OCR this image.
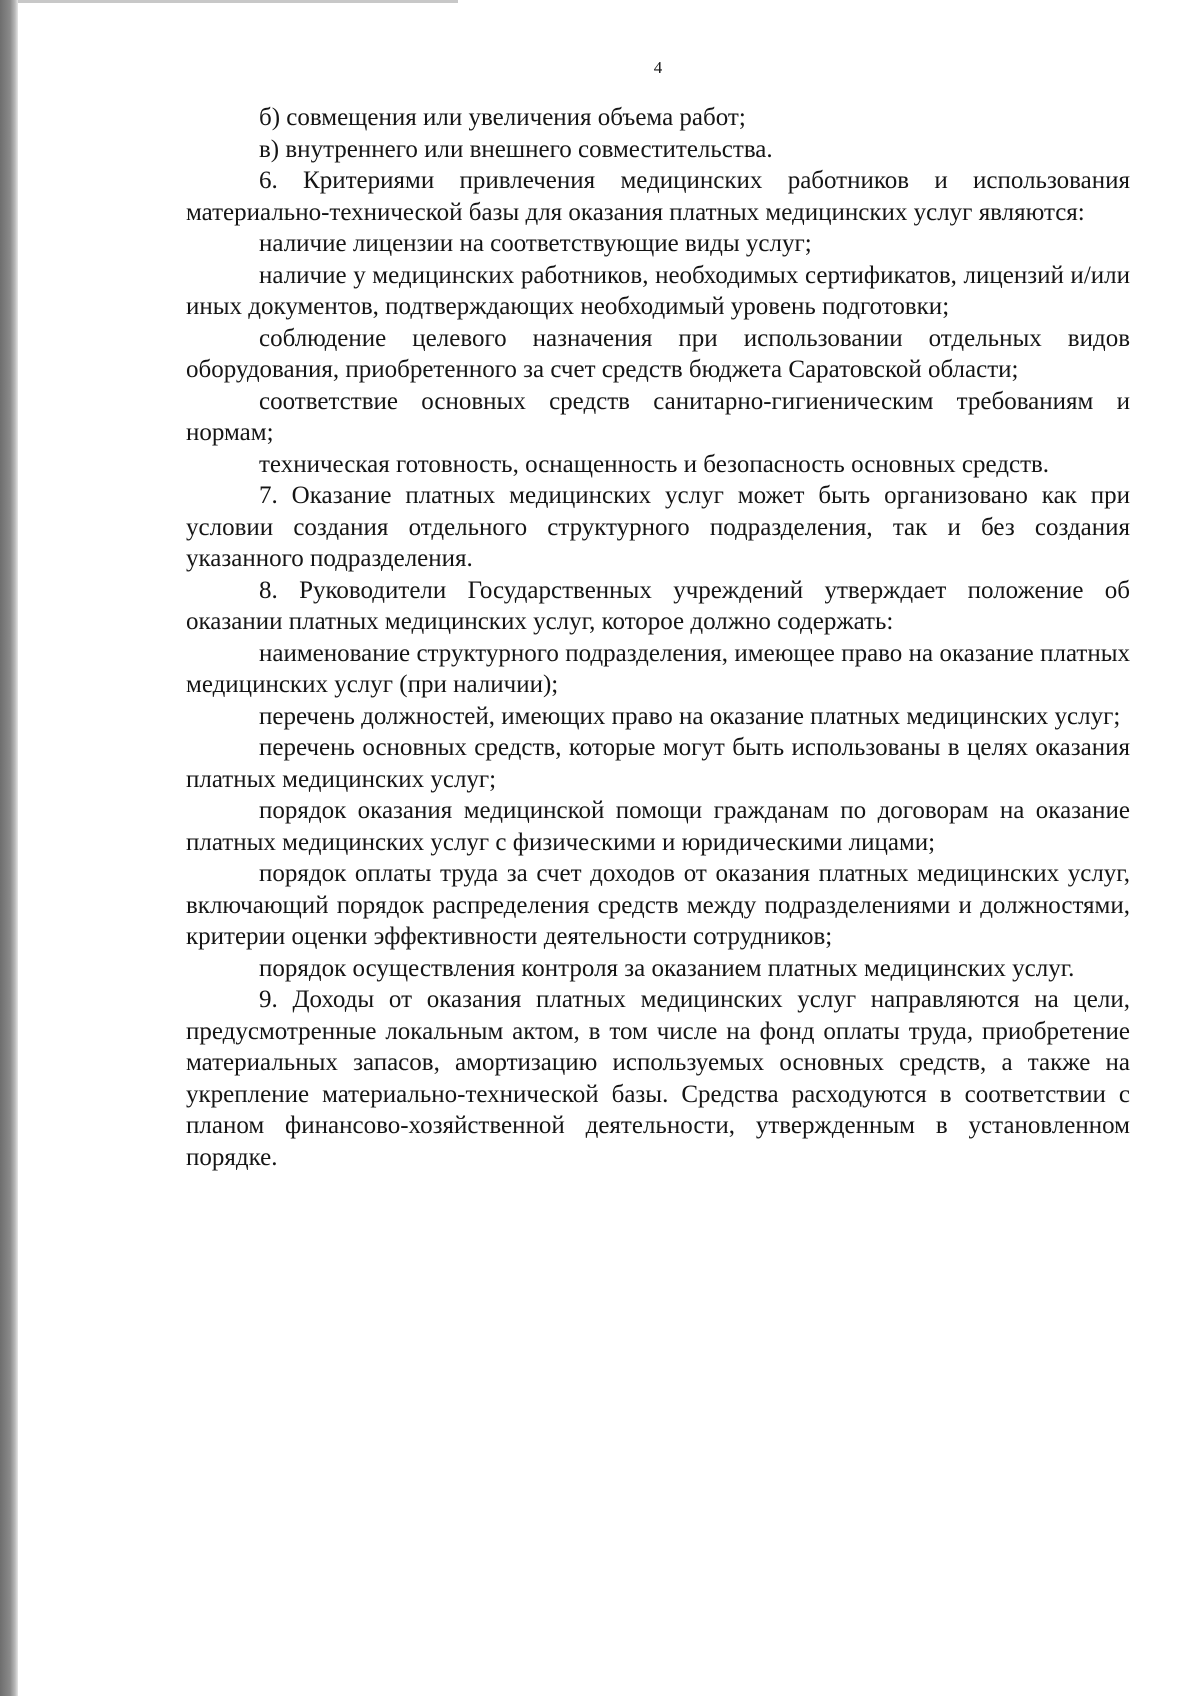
4

б) совмещения или увеличения объема работ;

в) внутреннего или внешнего совместительства.

6. Критериями привлечения медицинских работников и использования материально-технической базы для оказания платных медицинских услуг являются:

наличие лицензии на соответствующие виды услуг;

наличие у медицинских работников, необходимых сертификатов, лицензий и/или иных документов, подтверждающих необходимый уровень подготовки;

соблюдение целевого назначения при использовании отдельных видов оборудования, приобретенного за счет средств бюджета Саратовской области;

соответствие основных средств санитарно-гигиеническим требованиям и нормам;

техническая готовность, оснащенность и безопасность основных средств.

7. Оказание платных медицинских услуг может быть организовано как при условии создания отдельного структурного подразделения, так и без создания указанного подразделения.

8. Руководители Государственных учреждений утверждает положение об оказании платных медицинских услуг, которое должно содержать:

наименование структурного подразделения, имеющее право на оказание платных медицинских услуг (при наличии);

перечень должностей, имеющих право на оказание платных медицинских услуг;

перечень основных средств, которые могут быть использованы в целях оказания платных медицинских услуг;

порядок оказания медицинской помощи гражданам по договорам на оказание платных медицинских услуг с физическими и юридическими лицами;

порядок оплаты труда за счет доходов от оказания платных медицинских услуг, включающий порядок распределения средств между подразделениями и должностями, критерии оценки эффективности деятельности сотрудников;

порядок осуществления контроля за оказанием платных медицинских услуг.

9. Доходы от оказания платных медицинских услуг направляются на цели, предусмотренные локальным актом, в том числе на фонд оплаты труда, приобретение материальных запасов, амортизацию используемых основных средств, а также на укрепление материально-технической базы. Средства расходуются в соответствии с планом финансово-хозяйственной деятельности, утвержденным в установленном порядке.
